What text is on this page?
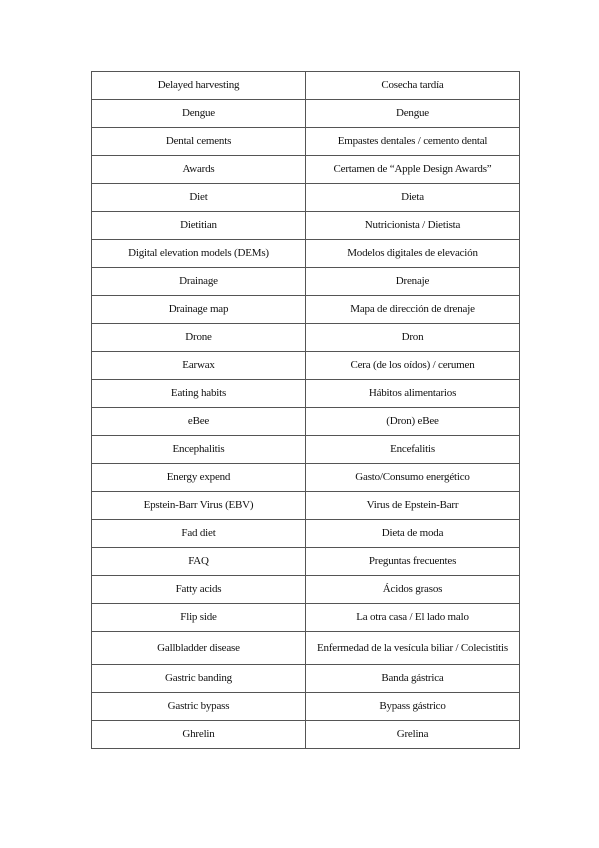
Delayed harvesting	Cosecha tardía
Dengue	Dengue
Dental cements	Empastes dentales / cemento dental
Awards	Certamen de “Apple Design Awards”
Diet	Dieta
Dietitian	Nutricionista / Dietista
Digital elevation models (DEMs)	Modelos digitales de elevación
Drainage	Drenaje
Drainage map	Mapa de dirección de drenaje
Drone	Dron
Earwax	Cera (de los oídos) / cerumen
Eating habits	Hábitos alimentarios
eBee	(Dron) eBee
Encephalitis	Encefalitis
Energy expend	Gasto/Consumo energético
Epstein-Barr Virus (EBV)	Virus de Epstein-Barr
Fad diet	Dieta de moda
FAQ	Preguntas frecuentes
Fatty acids	Ácidos grasos
Flip side	La otra casa / El lado malo
Gallbladder disease	Enfermedad de la vesícula biliar / Colecistitis
Gastric banding	Banda gástrica
Gastric bypass	Bypass gástrico
Ghrelin	Grelina
